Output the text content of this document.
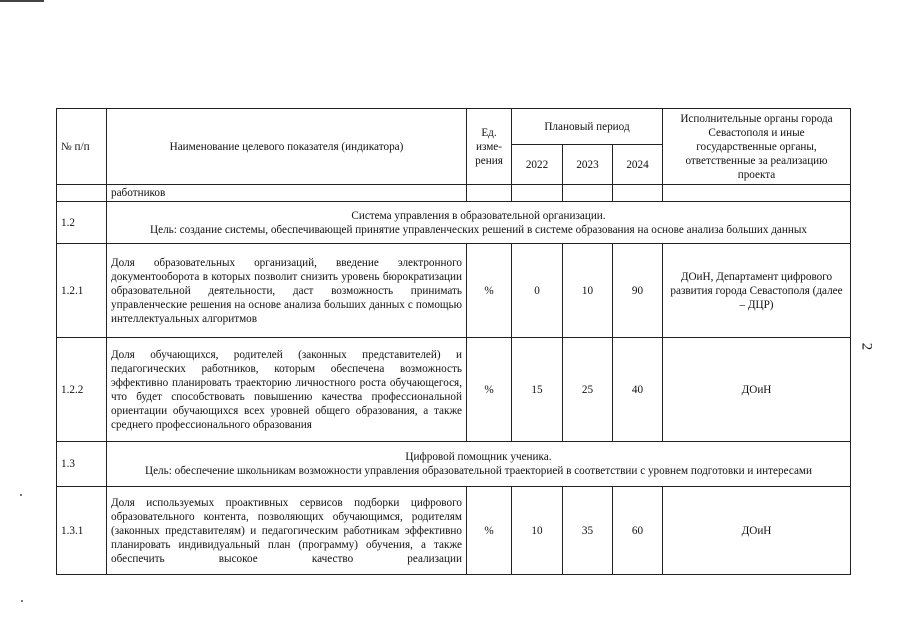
2
№ п/п	Наименование целевого показателя (индикатора)	Ед. изме-рения	Плановый период			Исполнительные органы города Севастополя и иные государственные органы, ответственные за реализацию проекта
			2022	2023	2024	
	работников					
1.2	Система управления в образовательной организации.
Цель: создание системы, обеспечивающей принятие управленческих решений в системе образования на основе анализа больших данных					

1.2.1	Доля образовательных организаций, введение электронного документооборота в которых позволит снизить уровень бюрократизации образовательной деятельности, даст возможность принимать управленческие решения на основе анализа больших данных с помощью интеллектуальных алгоритмов	%	0	10	90	ДОиН, Департамент цифрового развития города Севастополя (далее – ДЦР)
1.2.2	Доля обучающихся, родителей (законных представителей) и педагогических работников, которым обеспечена возможность эффективно планировать траекторию личностного роста обучающегося, что будет способствовать повышению качества профессиональной ориентации обучающихся всех уровней общего образования, а также среднего профессионального образования	%	15	25	40	ДОиН
1.3	Цифровой помощник ученика.
Цель: обеспечение школьникам возможности управления образовательной траекторией в соответствии с уровнем подготовки и интересами					

1.3.1	Доля используемых проактивных сервисов подборки цифрового образовательного контента, позволяющих обучающимся, родителям (законных представителям) и педагогическим работникам эффективно планировать индивидуальный план (программу) обучения, а также обеспечить высокое качество реализации	%	10	35	60	ДОиН
